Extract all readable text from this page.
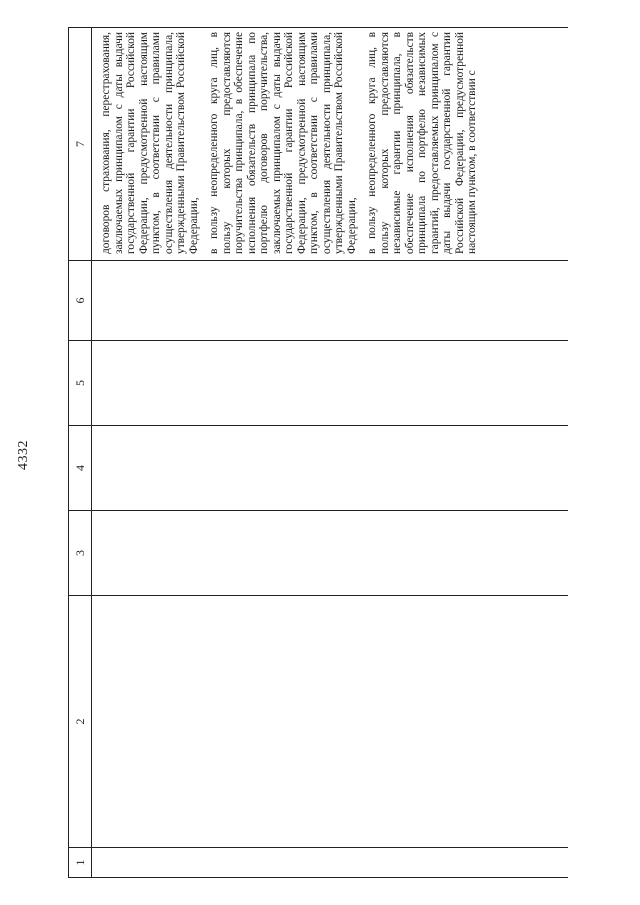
4332
1	2	3	4	5	6	7

						договоров страхования, перестрахования, заключаемых принципалом с даты выдачи государственной гарантии Российской Федерации, предусмотренной настоящим пунктом, в соответствии с правилами осуществления деятельности принципала, утвержденными Правительством Российской Федерации, в пользу неопределенного круга лиц, в пользу которых предоставляются поручительства принципала, в обеспечение исполнения обязательств принципала по портфелю договоров поручительства, заключаемых принципалом с даты выдачи государственной гарантии Российской Федерации, предусмотренной настоящим пунктом, в соответствии с правилами осуществления деятельности принципала, утвержденными Правительством Российской Федерации, в пользу неопределенного круга лиц, в пользу которых предоставляются независимые гарантии принципала, в обеспечение исполнения обязательств принципала по портфелю независимых гарантий, предоставляемых принципалом с даты выдачи государственной гарантии Российской Федерации, предусмотренной настоящим пунктом, в соответствии с
